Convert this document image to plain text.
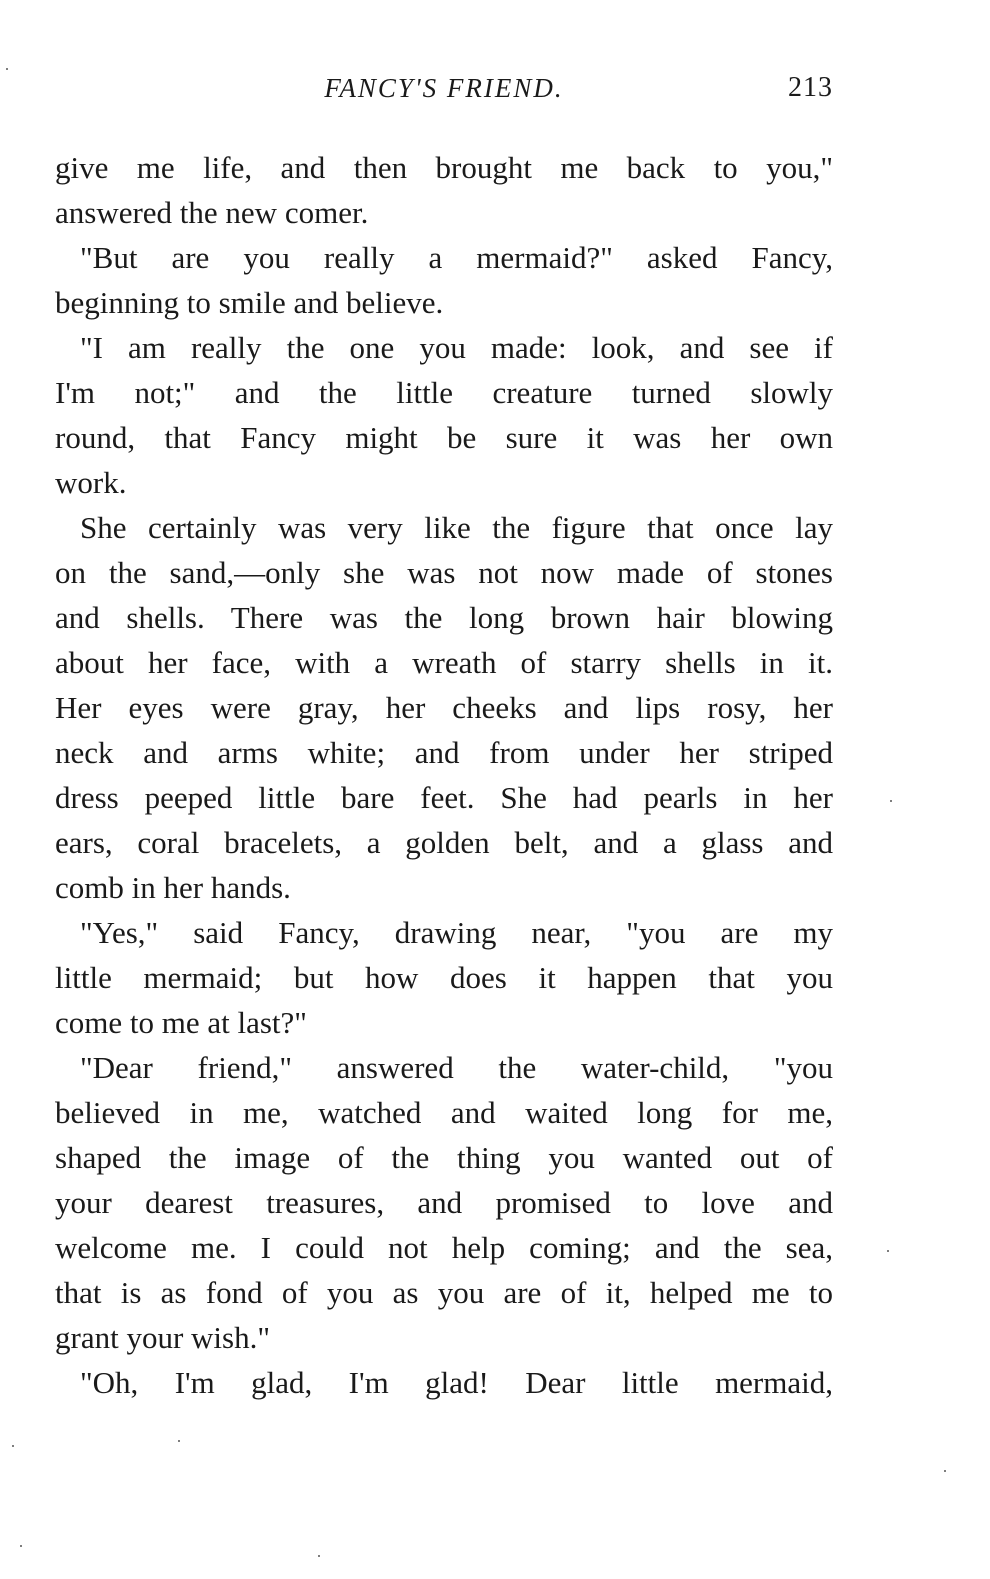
FANCY'S FRIEND.	213
give me life, and then brought me back to you,"
answered the new comer.
"But are you really a mermaid?" asked Fancy,
beginning to smile and believe.
"I am really the one you made: look, and see if
I'm not;" and the little creature turned slowly
round, that Fancy might be sure it was her own
work.
She certainly was very like the figure that once lay
on the sand,—only she was not now made of stones
and shells. There was the long brown hair blowing
about her face, with a wreath of starry shells in it.
Her eyes were gray, her cheeks and lips rosy, her
neck and arms white; and from under her striped
dress peeped little bare feet. She had pearls in her
ears, coral bracelets, a golden belt, and a glass and
comb in her hands.
"Yes," said Fancy, drawing near, "you are my
little mermaid; but how does it happen that you
come to me at last?"
"Dear friend," answered the water-child, "you
believed in me, watched and waited long for me,
shaped the image of the thing you wanted out of
your dearest treasures, and promised to love and
welcome me. I could not help coming; and the sea,
that is as fond of you as you are of it, helped me to
grant your wish."
"Oh, I'm glad, I'm glad! Dear little mermaid,
